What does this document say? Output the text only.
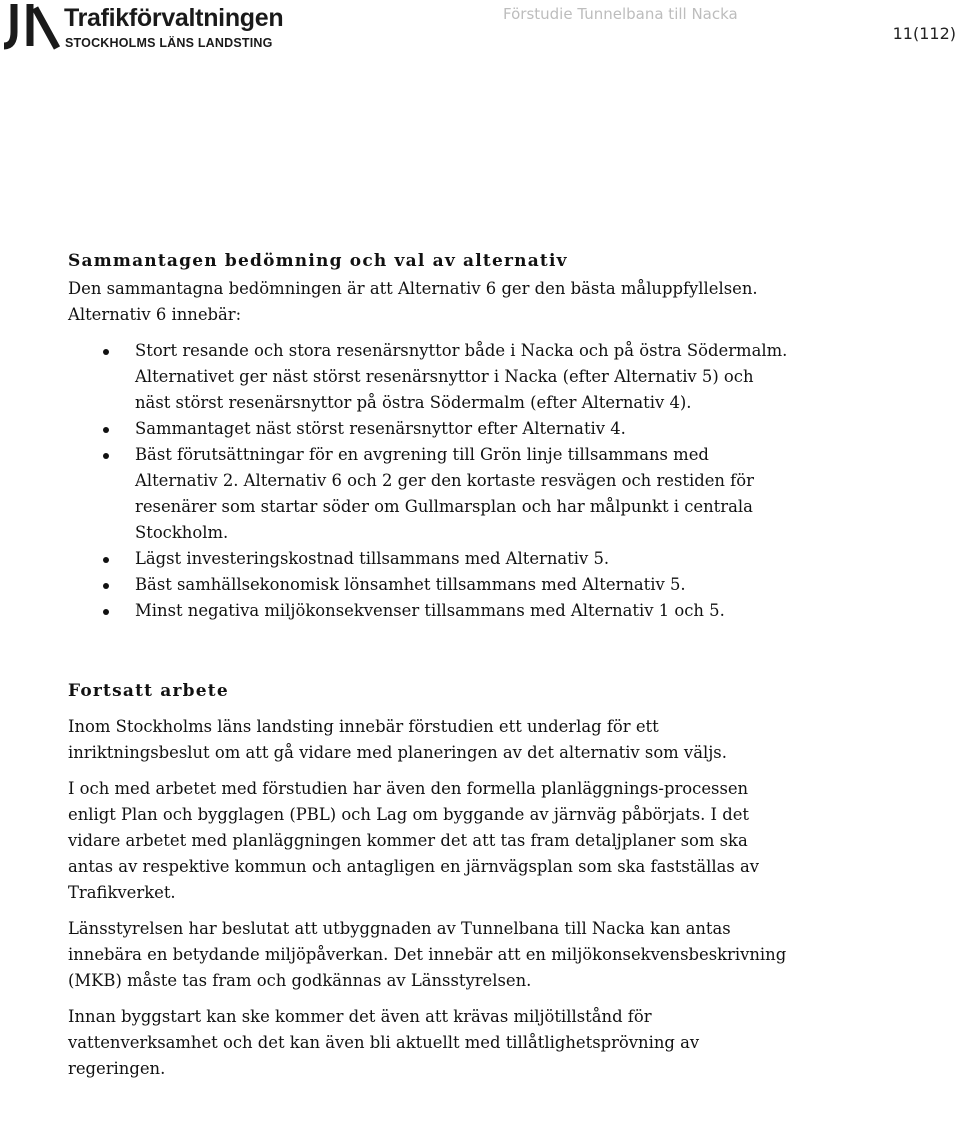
Trafikförvaltningen
STOCKHOLMS LÄNS LANDSTING
Förstudie Tunnelbana till Nacka
11(112)
Sammantagen bedömning och val av alternativ

Den sammantagna bedömningen är att Alternativ 6 ger den bästa måluppfyllelsen. Alternativ 6 innebär:

Stort resande och stora resenärsnyttor både i Nacka och på östra Södermalm. Alternativet ger näst störst resenärsnyttor i Nacka (efter Alternativ 5) och näst störst resenärsnyttor på östra Södermalm (efter Alternativ 4).
Sammantaget näst störst resenärsnyttor efter Alternativ 4.
Bäst förutsättningar för en avgrening till Grön linje tillsammans med Alternativ 2. Alternativ 6 och 2 ger den kortaste resvägen och restiden för resenärer som startar söder om Gullmarsplan och har målpunkt i centrala Stockholm.
Lägst investeringskostnad tillsammans med Alternativ 5.
Bäst samhällsekonomisk lönsamhet tillsammans med Alternativ 5.
Minst negativa miljökonsekvenser tillsammans med Alternativ 1 och 5.
Fortsatt arbete

Inom Stockholms läns landsting innebär förstudien ett underlag för ett inriktningsbeslut om att gå vidare med planeringen av det alternativ som väljs.

I och med arbetet med förstudien har även den formella planläggnings-processen enligt Plan och bygglagen (PBL) och Lag om byggande av järnväg påbörjats. I det vidare arbetet med planläggningen kommer det att tas fram detaljplaner som ska antas av respektive kommun och antagligen en järnvägsplan som ska fastställas av Trafikverket.

Länsstyrelsen har beslutat att utbyggnaden av Tunnelbana till Nacka kan antas innebära en betydande miljöpåverkan. Det innebär att en miljökonsekvensbeskrivning (MKB) måste tas fram och godkännas av Länsstyrelsen.

Innan byggstart kan ske kommer det även att krävas miljötillstånd för vattenverksamhet och det kan även bli aktuellt med tillåtlighetsprövning av regeringen.
